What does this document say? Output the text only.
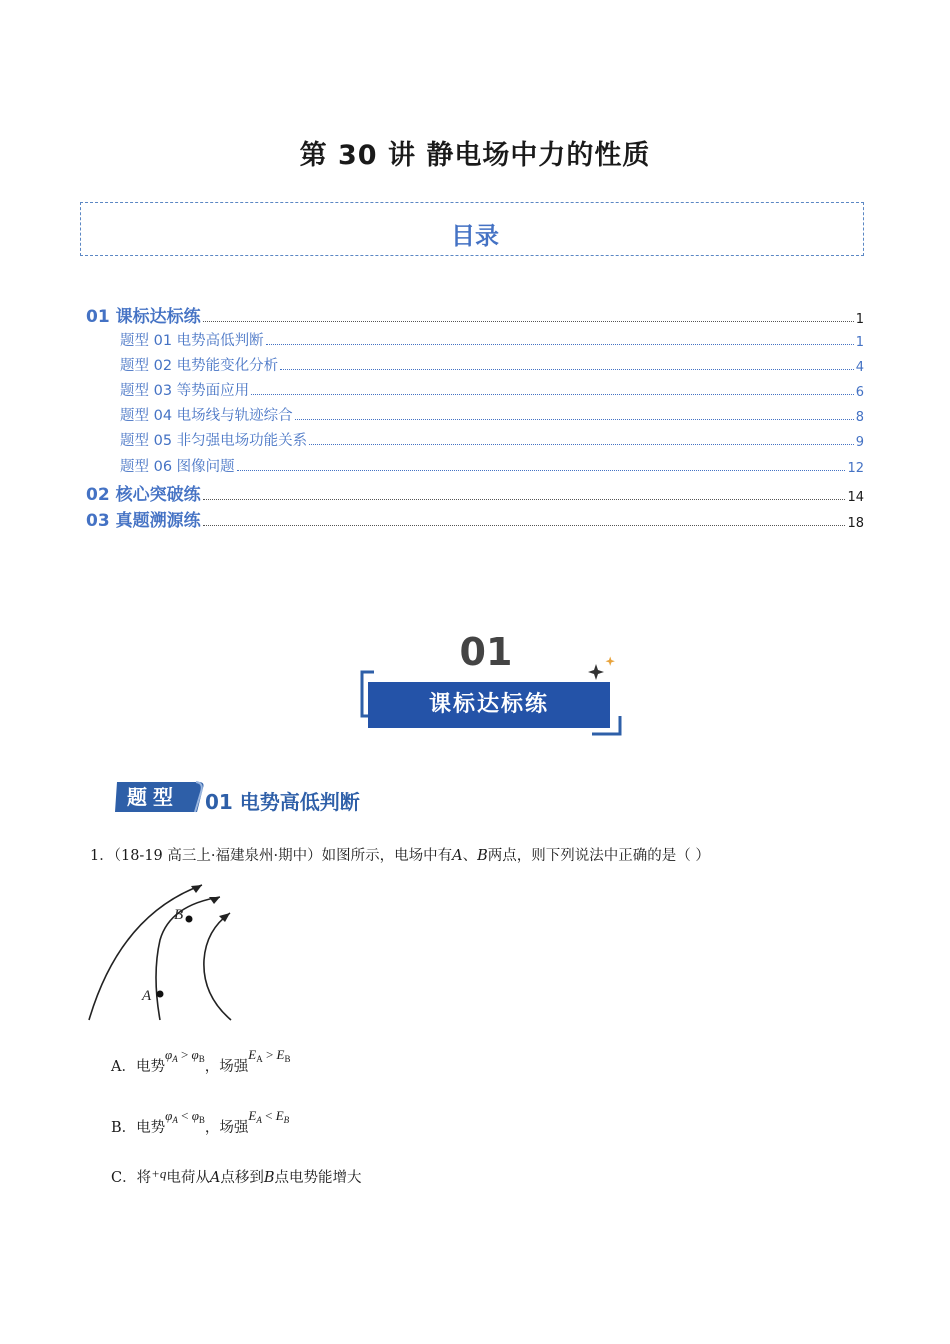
第 30 讲 静电场中力的性质
目录
01 课标达标练	1
题型 01 电势高低判断	1
题型 02 电势能变化分析	4
题型 03 等势面应用	6
题型 04 电场线与轨迹综合	8
题型 05 非匀强电场功能关系	9
题型 06 图像问题	12
02 核心突破练	14
03 真题溯源练	18
01
课标达标练
题型	01 电势高低判断
1．（18-19 高三上·福建泉州·期中）如图所示，电场中有A、B两点，则下列说法中正确的是（ ）
A
B
A．电势$\varphi_A > \varphi_B$，场强$E_A > E_B$
B．电势$\varphi_A < \varphi_B$，场强$E_A < E_B$
C．将+q电荷从A点移到B点电势能增大
